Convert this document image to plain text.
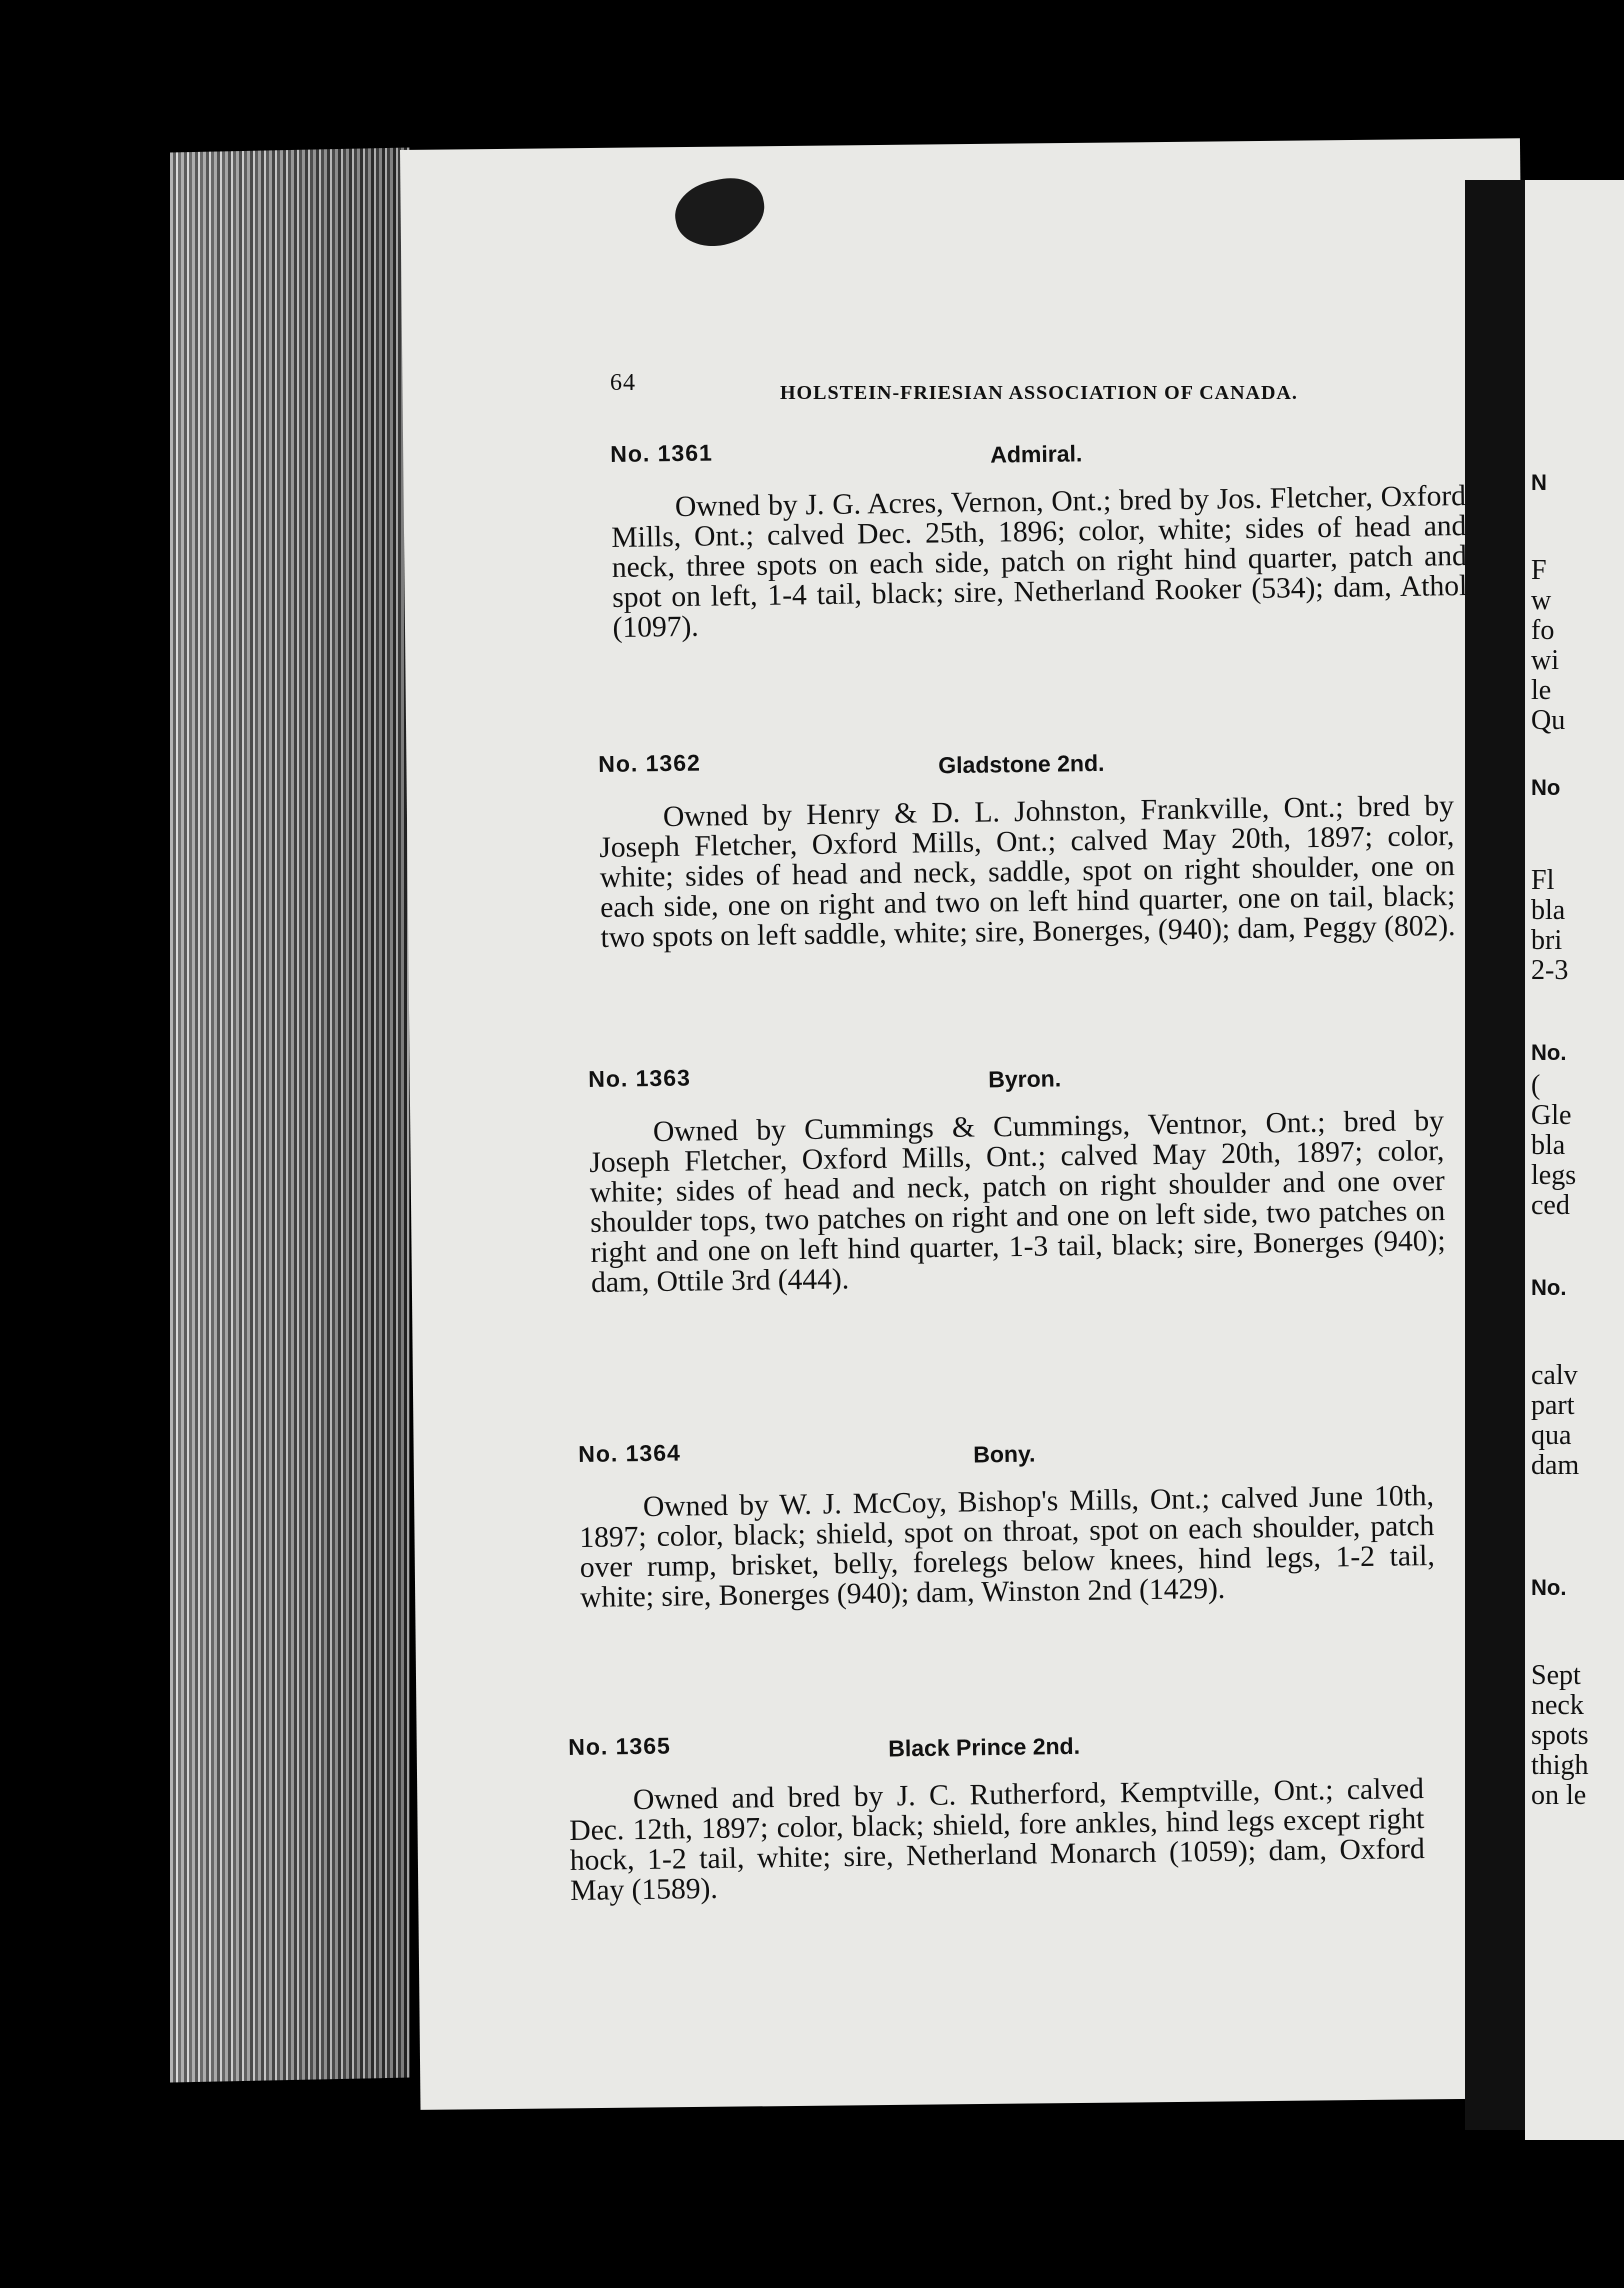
N
F
w
fo
wi
le
Qu
No
Fl
bla
bri
2-3
No.
(
Gle
bla
legs
ced
No.
calv
part
qua
dam
No.
Sept
neck
spots
thigh
on le
64	HOLSTEIN-FRIESIAN ASSOCIATION OF CANADA.
No. 1361	Admiral.
Owned by J. G. Acres, Vernon, Ont.; bred by Jos. Fletcher, Oxford Mills, Ont.; calved Dec. 25th, 1896; color, white; sides of head and neck, three spots on each side, patch on right hind quarter, patch and spot on left, 1-4 tail, black; sire, Netherland Rooker (534); dam, Athol (1097).
No. 1362	Gladstone 2nd.
Owned by Henry & D. L. Johnston, Frankville, Ont.; bred by Joseph Fletcher, Oxford Mills, Ont.; calved May 20th, 1897; color, white; sides of head and neck, saddle, spot on right shoulder, one on each side, one on right and two on left hind quarter, one on tail, black; two spots on left saddle, white; sire, Bonerges, (940); dam, Peggy (802).
No. 1363	Byron.
Owned by Cummings & Cummings, Ventnor, Ont.; bred by Joseph Fletcher, Oxford Mills, Ont.; calved May 20th, 1897; color, white; sides of head and neck, patch on right shoulder and one over shoulder tops, two patches on right and one on left side, two patches on right and one on left hind quarter, 1-3 tail, black; sire, Bonerges (940); dam, Ottile 3rd (444).
No. 1364	Bony.
Owned by W. J. McCoy, Bishop's Mills, Ont.; calved June 10th, 1897; color, black; shield, spot on throat, spot on each shoulder, patch over rump, brisket, belly, forelegs below knees, hind legs, 1-2 tail, white; sire, Bonerges (940); dam, Winston 2nd (1429).
No. 1365	Black Prince 2nd.
Owned and bred by J. C. Rutherford, Kemptville, Ont.; calved Dec. 12th, 1897; color, black; shield, fore ankles, hind legs except right hock, 1-2 tail, white; sire, Netherland Monarch (1059); dam, Oxford May (1589).
